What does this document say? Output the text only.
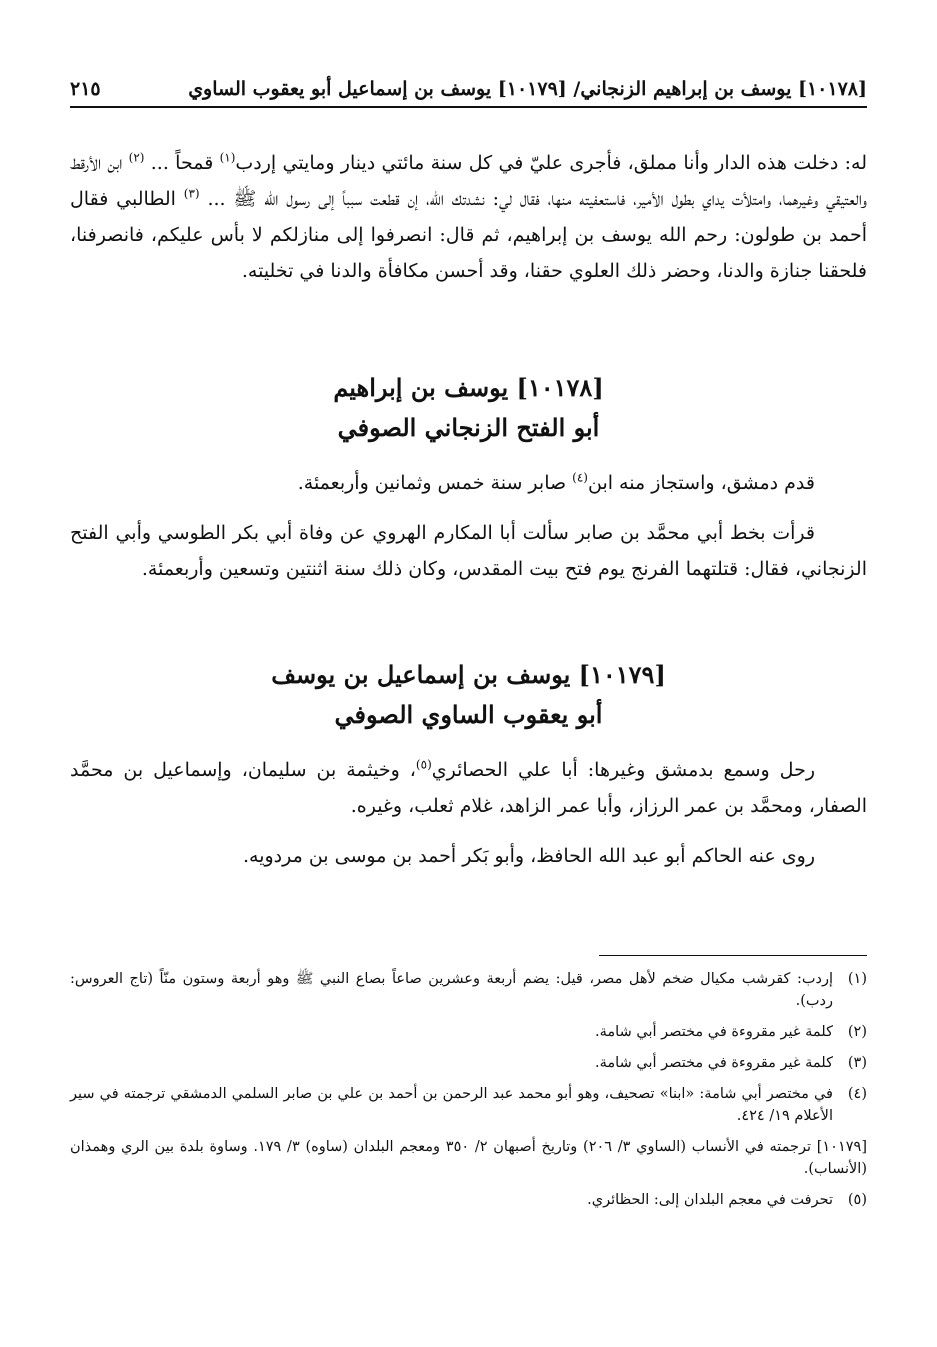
[١٠١٧٨] يوسف بن إبراهيم الزنجاني/ [١٠١٧٩] يوسف بن إسماعيل أبو يعقوب الساوي
٢١٥

له: دخلت هذه الدار وأنا مملق، فأجرى عليّ في كل سنة مائتي دينار ومايتي إردب$^{(١)}$ قمحاً ... $^{(٢)}$ ابن الأرقط والعتيقي وغيرهما، وامتلأت يداي بطول الأمير، فاستعفيته منها، فقال لي: نشدتك الله، إن قطعت سبباً إلى رسول الله ﷺ ... $^{(٣)}$ الطالبي فقال أحمد بن طولون: رحم الله يوسف بن إبراهيم، ثم قال: انصرفوا إلى منازلكم لا بأس عليكم، فانصرفنا، فلحقنا جنازة والدنا، وحضر ذلك العلوي حقنا، وقد أحسن مكافأة والدنا في تخليته.

[١٠١٧٨] يوسف بن إبراهيم
أبو الفتح الزنجاني الصوفي

قدم دمشق، واستجاز منه ابن$^{(٤)}$ صابر سنة خمس وثمانين وأربعمئة.

قرأت بخط أبي محمَّد بن صابر سألت أبا المكارم الهروي عن وفاة أبي بكر الطوسي وأبي الفتح الزنجاني، فقال: قتلتهما الفرنج يوم فتح بيت المقدس، وكان ذلك سنة اثنتين وتسعين وأربعمئة.

[١٠١٧٩] يوسف بن إسماعيل بن يوسف
أبو يعقوب الساوي الصوفي

رحل وسمع بدمشق وغيرها: أبا علي الحصائري$^{(٥)}$، وخيثمة بن سليمان، وإسماعيل بن محمَّد الصفار، ومحمَّد بن عمر الرزاز، وأبا عمر الزاهد، غلام ثعلب، وغيره.

روى عنه الحاكم أبو عبد الله الحافظ، وأبو بَكر أحمد بن موسى بن مردويه.

(١)
إردب: كقرشب مكيال ضخم لأهل مصر، قيل: يضم أربعة وعشرين صاعاً بصاع النبي ﷺ وهو أربعة وستون منّاً (تاج العروس: ردب).
(٢)
كلمة غير مقروءة في مختصر أبي شامة.
(٣)
كلمة غير مقروءة في مختصر أبي شامة.
(٤)
في مختصر أبي شامة: «ابنا» تصحيف، وهو أبو محمد عبد الرحمن بن أحمد بن علي بن صابر السلمي الدمشقي ترجمته في سير الأعلام ١٩/ ٤٢٤.
[١٠١٧٩] ترجمته في الأنساب (الساوي ٣/ ٢٠٦) وتاريخ أصبهان ٢/ ٣٥٠ ومعجم البلدان (ساوه) ٣/ ١٧٩. وساوة بلدة بين الري وهمذان (الأنساب).
(٥)
تحرفت في معجم البلدان إلى: الحظائري.
